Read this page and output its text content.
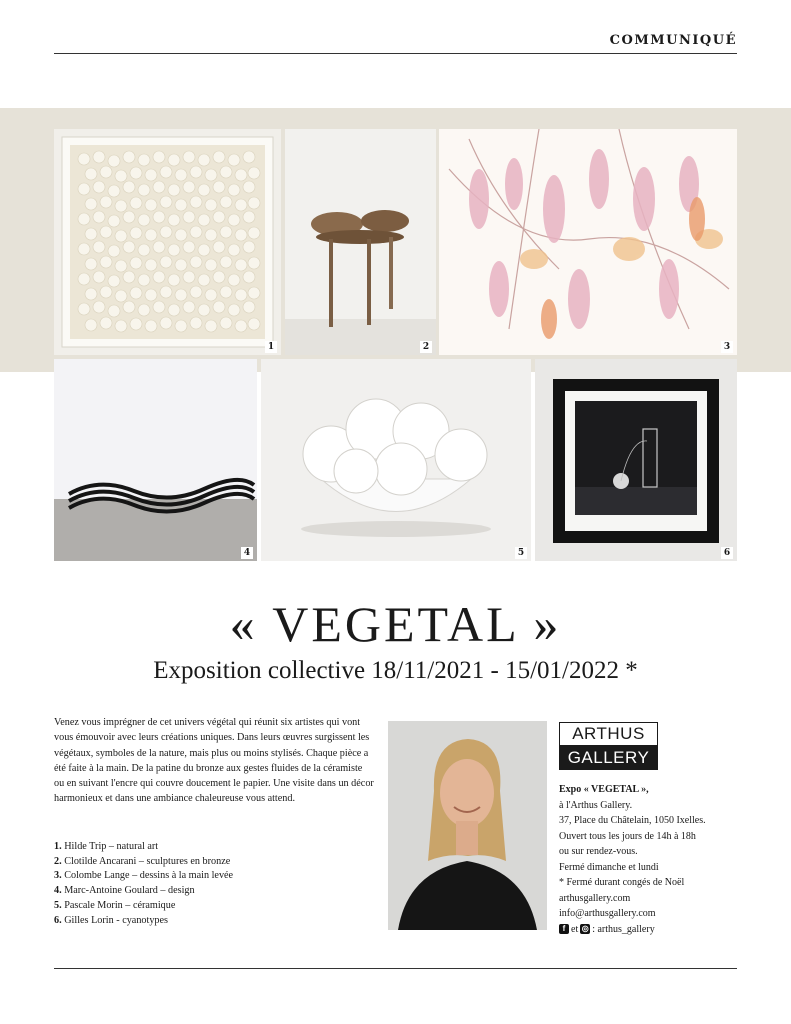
COMMUNIQUÉ
1	2	3
4	5	6
« VEGETAL »
Exposition collective 18/11/2021 - 15/01/2022 *
Venez vous imprégner de cet univers végétal qui réunit six artistes qui vont vous émouvoir avec leurs créations uniques. Dans leurs œuvres surgissent les végétaux, symboles de la nature, mais plus ou moins stylisés. Chaque pièce a été faite à la main. De la patine du bronze aux gestes fluides de la céramiste ou en suivant l'encre qui couvre doucement le papier. Une visite dans un décor harmonieux et dans une ambiance chaleureuse vous attend.
1. Hilde Trip – natural art
2. Clotilde Ancarani – sculptures en bronze
3. Colombe Lange – dessins à la main levée
4. Marc-Antoine Goulard – design
5. Pascale Morin – céramique
6. Gilles Lorin - cyanotypes
ARTHUS
GALLERY
Expo « VEGETAL »,
à l'Arthus Gallery.
37, Place du Châtelain, 1050 Ixelles.
Ouvert tous les jours de 14h à 18h
ou sur rendez-vous.
Fermé dimanche et lundi
* Fermé durant congés de Noël
arthusgallery.com
info@arthusgallery.com
f et ◎ : arthus_gallery
